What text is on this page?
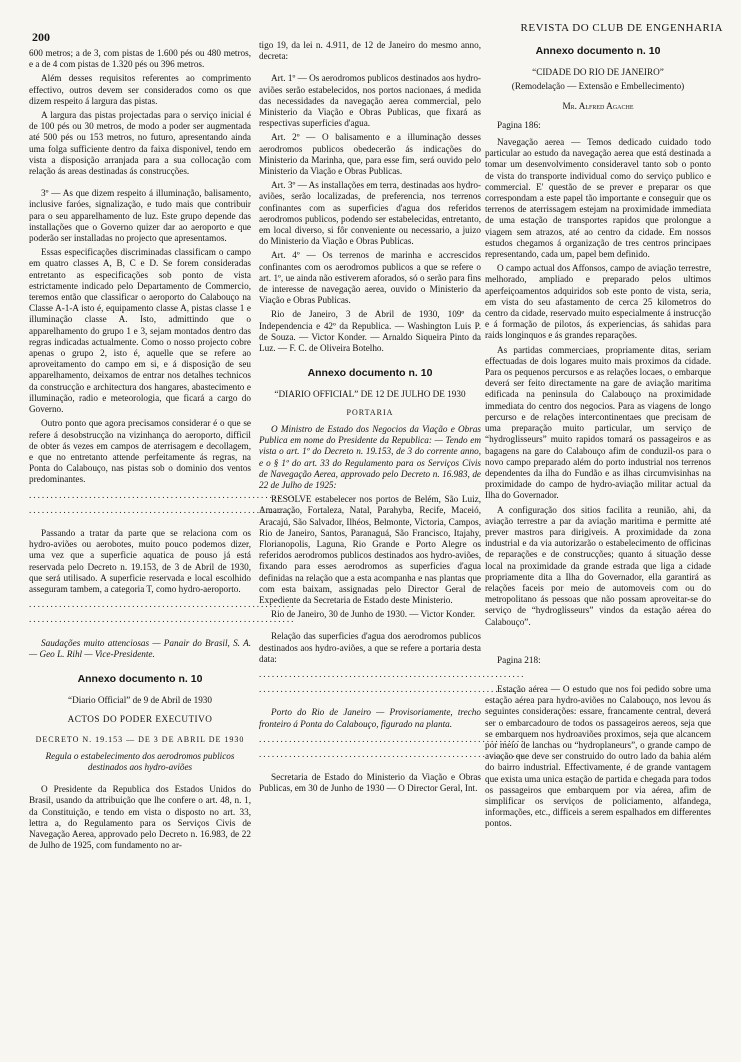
200
REVISTA DO CLUB DE ENGENHARIA

600 metros; a de 3, com pistas de 1.600 pés ou 480 metros, e a de 4 com pistas de 1.320 pés ou 396 metros.

Além desses requisitos referentes ao comprimento effectivo, outros devem ser considerados como os que dizem respeito á largura das pistas.

A largura das pistas projectadas para o serviço inicial é de 100 pés ou 30 metros, de modo a poder ser augmentada até 500 pés ou 153 metros, no futuro, apresentando ainda uma folga sufficiente dentro da faixa disponivel, tendo em vista a disposição arranjada para a sua collocação com relação ás areas destinadas ás construcções.

3º — As que dizem respeito á illuminação, balisamento, inclusive faróes, signalização, e tudo mais que contribuir para o seu apparelhamento de luz. Este grupo depende das installações que o Governo quizer dar ao aeroporto e que poderão ser installadas no projecto que apresentamos.

Essas especificações discriminadas classificam o campo em quatro classes A, B, C e D. Se forem consideradas entretanto as especificações sob ponto de vista estrictamente indicado pelo Departamento de Commercio, teremos então que classificar o aeroporto do Calabouço na Classe A-1-A isto é, equipamento classe A, pistas classe 1 e illuminação classe A. Isto, admittindo que o apparelhamento do grupo 1 e 3, sejam montados dentro das regras indicadas actualmente. Como o nosso projecto cobre apenas o grupo 2, isto é, aquelle que se refere ao aproveitamento do campo em si, e á disposição de seu apparelhamento, deixamos de entrar nos detalhes technicos da construcção e architectura dos hangares, abastecimento e illuminação, radio e meteorologia, que ficará a cargo do Governo.

Outro ponto que agora precisamos considerar é o que se refere á desobstrucção na vizinhança do aeroporto, difficil de obter ás vezes em campos de aterrisagem e decollagem, e que no entretanto attende perfeitamente ás regras, na Ponta do Calabouço, nas pistas sob o dominio dos ventos predominantes.

..............................................................
..............................................................

Passando a tratar da parte que se relaciona com os hydro-aviões ou aerobotes, muito pouco podemos dizer, uma vez que a superficie aquatica de pouso já está reservada pelo Decreto n. 19.153, de 3 de Abril de 1930, que será utilisado. A superficie reservada e local escolhido asseguram tambem, a categoria T, como hydro-aeroporto.

..............................................................
..............................................................

Saudações muito attenciosas — Panair do Brasil, S. A. — Geo L. Rihl — Vice-Presidente.

Annexo documento n. 10

“Diario Official” de 9 de Abril de 1930

ACTOS DO PODER EXECUTIVO

DECRETO N. 19.153 — DE 3 DE ABRIL DE 1930

Regula o estabelecimento dos aerodromos publicos destinados aos hydro-aviões

O Presidente da Republica dos Estados Unidos do Brasil, usando da attribuição que lhe confere o art. 48, n. 1, da Constituição, e tendo em vista o disposto no art. 33, lettra a, do Regulamento para os Serviços Civis de Navegação Aerea, approvado pelo Decreto n. 16.983, de 22 de Julho de 1925, com fundamento no ar-

tigo 19, da lei n. 4.911, de 12 de Janeiro do mesmo anno, decreta:

Art. 1º — Os aerodromos publicos destinados aos hydro-aviões serão estabelecidos, nos portos nacionaes, á medida das necessidades da navegação aerea commercial, pelo Ministerio da Viação e Obras Publicas, que fixará as respectivas superficies d'agua.

Art. 2º — O balisamento e a illuminação desses aerodromos publicos obedecerão ás indicações do Ministerio da Marinha, que, para esse fim, será ouvido pelo Ministerio da Viação e Obras Publicas.

Art. 3º — As installações em terra, destinadas aos hydro-aviões, serão localizadas, de preferencia, nos terrenos confinantes com as superficies d'agua dos referidos aerodromos publicos, podendo ser estabelecidas, entretanto, em local diverso, si fôr conveniente ou necessario, a juizo do Ministerio da Viação e Obras Publicas.

Art. 4º — Os terrenos de marinha e accrescidos confinantes com os aerodromos publicos a que se refere o art. 1º, ue ainda não estiverem aforados, só o serão para fins de interesse de navegação aerea, ouvido o Ministerio da Viação e Obras Publicas.

Rio de Janeiro, 3 de Abril de 1930, 109º da Independencia e 42º da Republica. — Washington Luis P. de Souza. — Victor Konder. — Arnaldo Siqueira Pinto da Luz. — F. C. de Oliveira Botelho.

Annexo documento n. 10

“DIARIO OFFICIAL” DE 12 DE JULHO DE 1930

PORTARIA

O Ministro de Estado dos Negocios da Viação e Obras Publica em nome do Presidente da Republica: — Tendo em vista o art. 1º do Decreto n. 19.153, de 3 do corrente anno, e o § 1º do art. 33 do Regulamento para os Serviços Civis de Navegação Aerea, approvado pelo Decreto n. 16.983, de 22 de Julho de 1925:

RESOLVE estabelecer nos portos de Belém, São Luiz, Amarração, Fortaleza, Natal, Parahyba, Recife, Maceió, Aracajú, São Salvador, Ilhéos, Belmonte, Victoria, Campos, Rio de Janeiro, Santos, Paranaguá, São Francisco, Itajahy, Florianopolis, Laguna, Rio Grande e Porto Alegre os referidos aerodromos publicos destinados aos hydro-aviões, fixando para esses aerodromos as superficies d'agua definidas na relação que a esta acompanha e nas plantas que com esta baixam, assignadas pelo Director Geral de Expediente da Secretaria de Estado deste Ministerio.

Rio de Janeiro, 30 de Junho de 1930. — Victor Konder.

Relação das superficies d'agua dos aerodromos publicos destinados aos hydro-aviões, a que se refere a portaria desta data:

..............................................................
..............................................................

Porto do Rio de Janeiro — Provisoriamente, trecho fronteiro á Ponta do Calabouço, figurado na planta.

..............................................................
..............................................................

Secretaria de Estado do Ministerio da Viação e Obras Publicas, em 30 de Junho de 1930 — O Director Geral, Int.

Annexo documento n. 10

“CIDADE DO RIO DE JANEIRO”

(Remodelação — Extensão e Embellecimento)

Mr. Alfred Agache

Pagina 186:

Navegação aerea — Temos dedicado cuidado todo particular ao estudo da navegação aerea que está destinada a tomar um desenvolvimento consideravel tanto sob o ponto de vista do transporte individual como do serviço publico e commercial. E' questão de se prever e preparar os que correspondam a este papel tão importante e conseguir que os terrenos de aterrissagem estejam na proximidade immediata de uma estação de transportes rapidos que prolongue a viagem sem atrazos, até ao centro da cidade. Em nossos estudos chegamos á organização de tres centros principaes representando, cada um, papel bem definido.

O campo actual dos Affonsos, campo de aviação terrestre, melhorado, ampliado e preparado pelos ultimos aperfeiçoamentos adquiridos sob este ponto de vista, seria, em vista do seu afastamento de cerca 25 kilometros do centro da cidade, reservado muito especialmente á instrucção e á formação de pilotos, ás experiencias, ás sahidas para raids longinquos e ás grandes reparações.

As partidas commerciaes, propriamente ditas, seriam effectuadas de dois logares muito mais proximos da cidade. Para os pequenos percursos e as relações locaes, o embarque deverá ser feito directamente na gare de aviação maritima edificada na peninsula do Calabouço na proximidade immediata do centro dos negocios. Para as viagens de longo percurso e de relações intercontinentaes que precisam de uma preparação muito particular, um serviço de “hydroglisseurs” muito rapidos tomará os passageiros e as bagagens na gare do Calabouço afim de conduzil-os para o novo campo preparado além do porto industrial nos terrenos dependentes da ilha do Fundão e as ilhas circumvisinhas na proximidade do campo de hydro-aviação militar actual da Ilha do Governador.

A configuração dos sitios facilita a reunião, ahi, da aviação terrestre a par da aviação maritima e permitte até prever mastros para dirigiveis. A proximidade da zona industrial e da via autorizarão o estabelecimento de officinas de reparações e de construcções; quanto á situação desse local na proximidade da grande estrada que liga a cidade propriamente dita a Ilha do Governador, ella garantirá as relações faceis por meio de automoveis com ou do metropolitano ás pessoas que não possam aproveitar-se do serviço de “hydroglisseurs” vindos da estação aérea do Calabouço”.

Pagina 218:

Estação aérea — O estudo que nos foi pedido sobre uma estação aérea para hydro-aviões no Calabouço, nos levou ás seguintes considerações: essare, francamente central, deverá ser o embarcadouro de todos os passageiros aereos, seja que se embarquem nos hydroaviões proximos, seja que alcancem por meio de lanchas ou “hydroplaneurs”, o grande campo de aviação que deve ser construido do outro lado da bahia além do bairro industrial. Effectivamente, é de grande vantagem que exista uma unica estação de partida e chegada para todos os passageiros que embarquem por via aérea, afim de simplificar os serviços de policiamento, alfandega, informações, etc., difficeis a serem espalhados em differentes pontos.
